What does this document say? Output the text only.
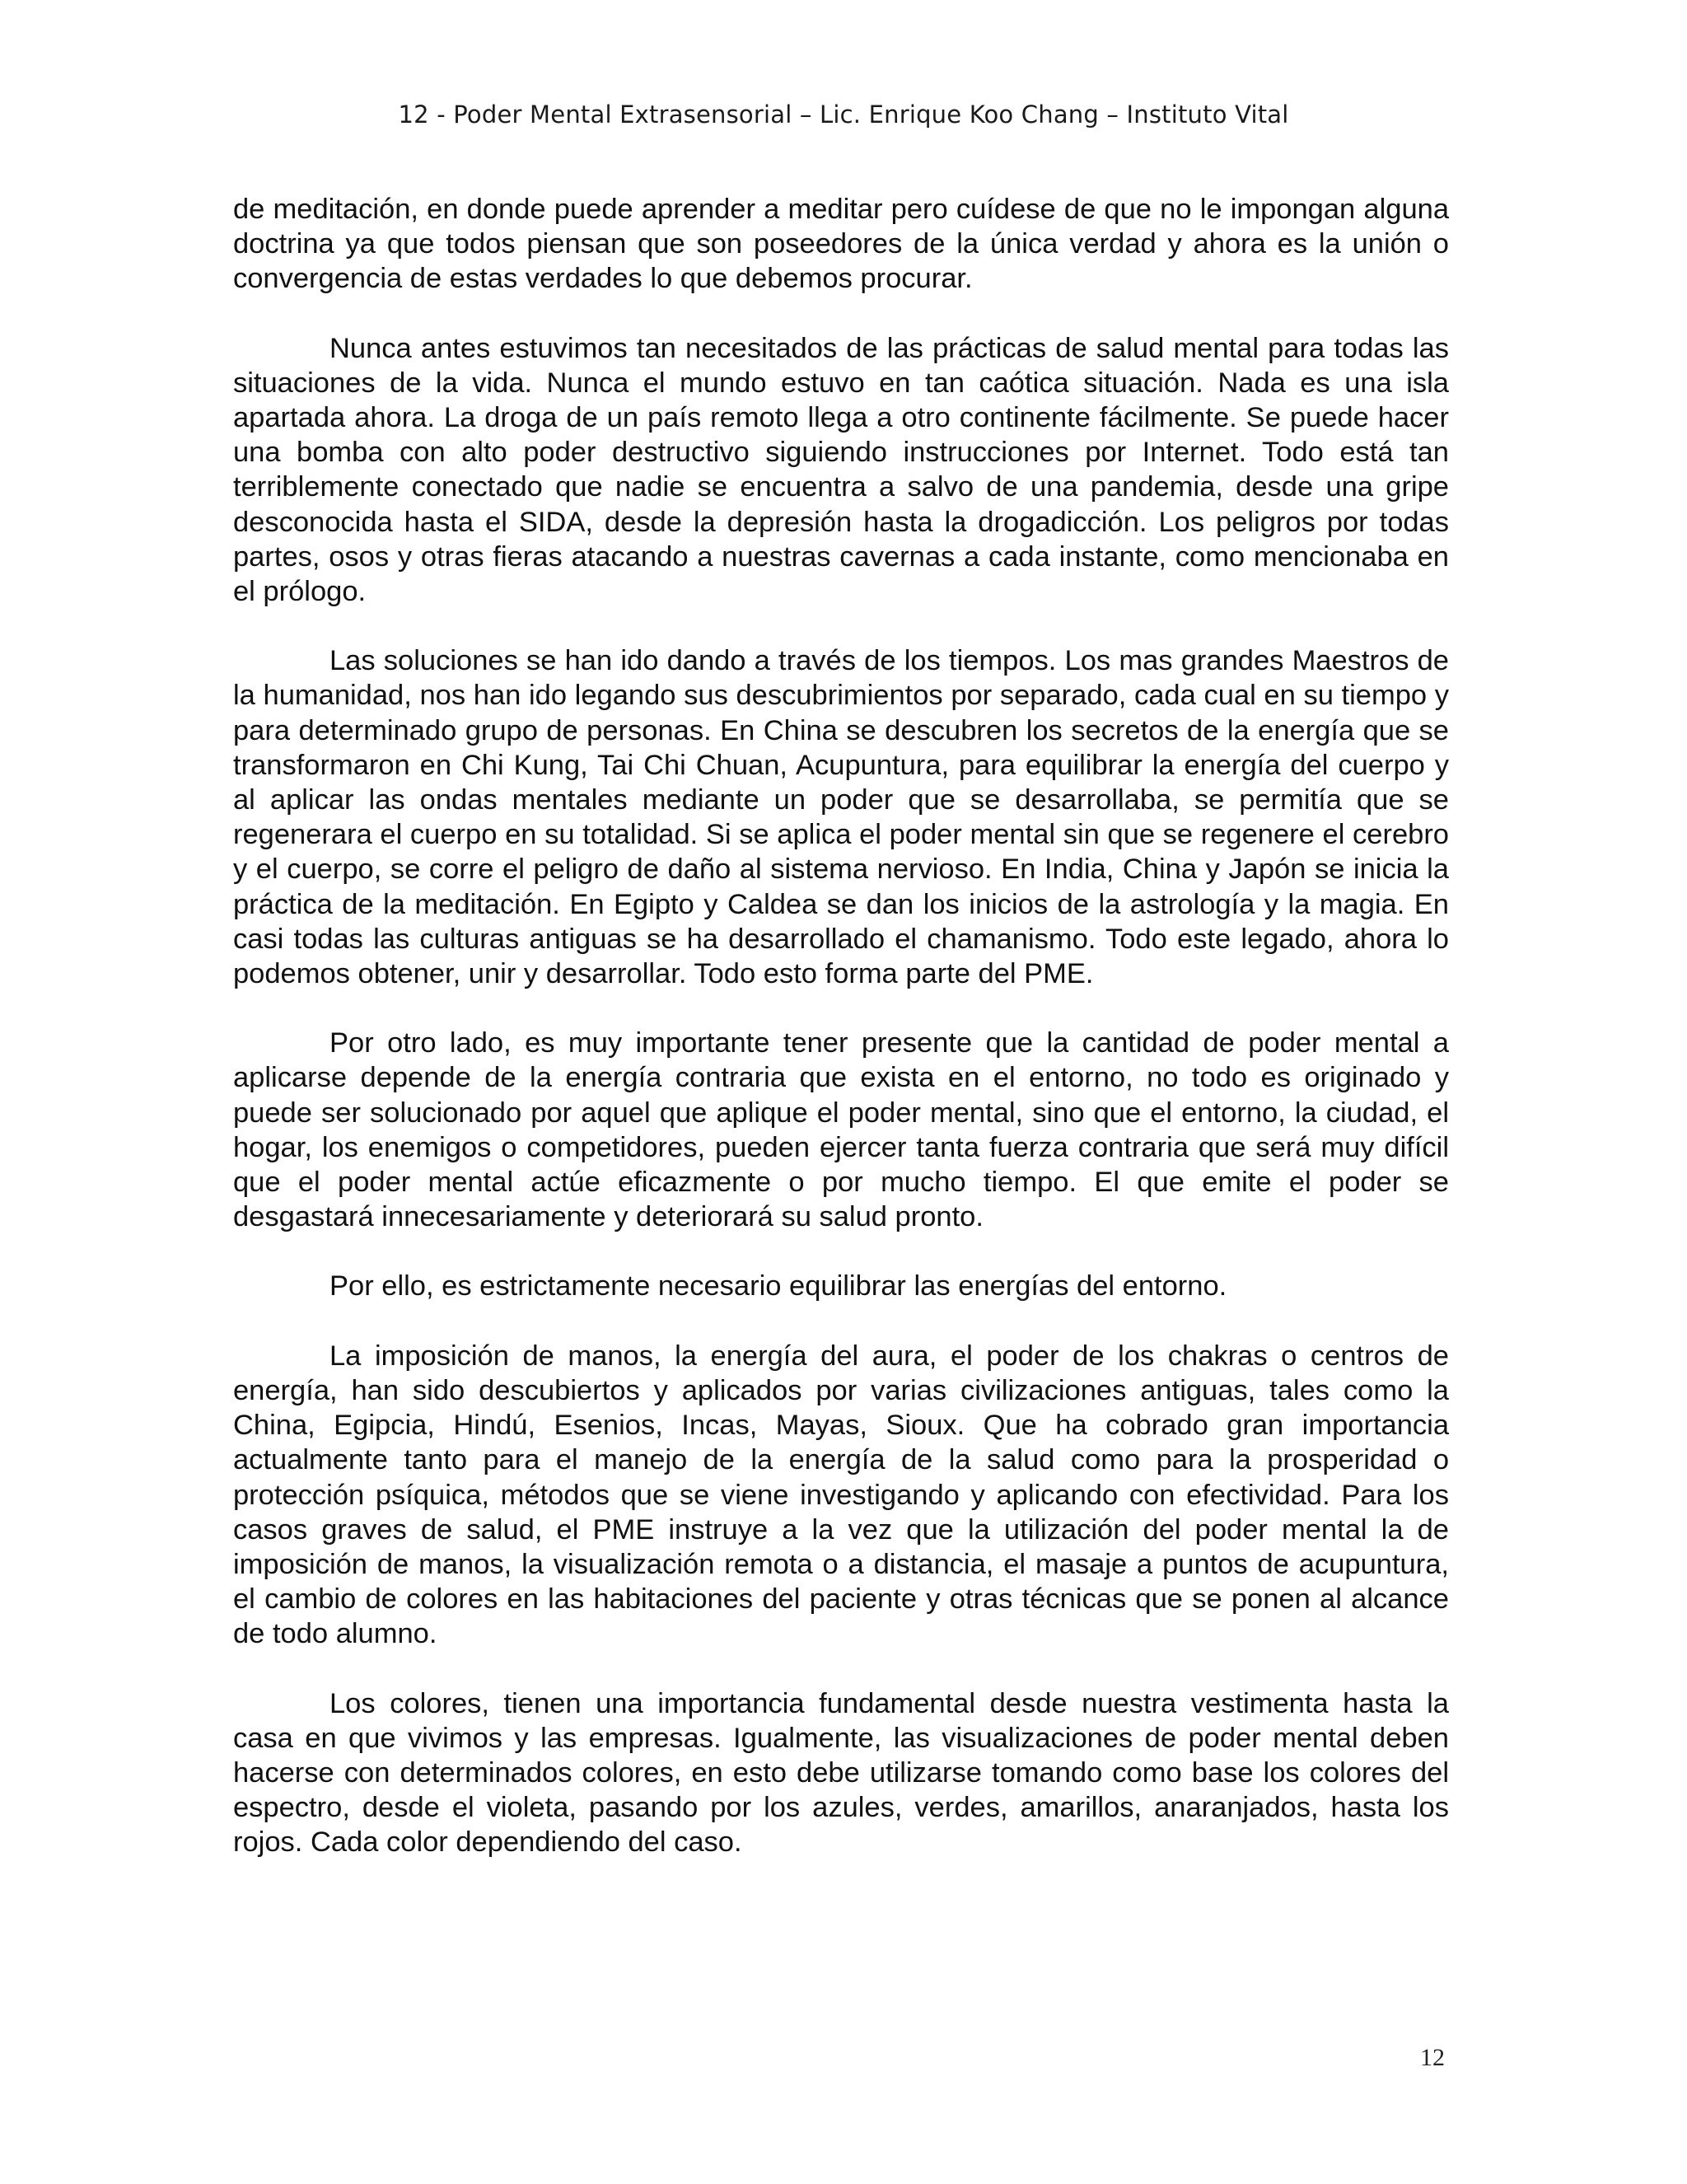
12 - Poder Mental Extrasensorial – Lic. Enrique Koo Chang – Instituto Vital

de meditación, en donde puede aprender a meditar pero cuídese de que no le impongan alguna doctrina ya que todos piensan que son poseedores de la única verdad y ahora es la unión o convergencia de estas verdades lo que debemos procurar.

Nunca antes estuvimos tan necesitados de las prácticas de salud mental para todas las situaciones de la vida. Nunca el mundo estuvo en tan caótica situación. Nada es una isla apartada ahora. La droga de un país remoto llega a otro continente fácilmente. Se puede hacer una bomba con alto poder destructivo siguiendo instrucciones por Internet. Todo está tan terriblemente conectado que nadie se encuentra a salvo de una pandemia, desde una gripe desconocida hasta el SIDA, desde la depresión hasta la drogadicción. Los peligros por todas partes, osos y otras fieras atacando a nuestras cavernas a cada instante, como mencionaba en el prólogo.

Las soluciones se han ido dando a través de los tiempos. Los mas grandes Maestros de la humanidad, nos han ido legando sus descubrimientos por separado, cada cual en su tiempo y para determinado grupo de personas. En China se descubren los secretos de la energía que se transformaron en Chi Kung, Tai Chi Chuan, Acupuntura, para equilibrar la energía del cuerpo y al aplicar las ondas mentales mediante un poder que se desarrollaba, se permitía que se regenerara el cuerpo en su totalidad. Si se aplica el poder mental sin que se regenere el cerebro y el cuerpo, se corre el peligro de daño al sistema nervioso. En India, China y Japón se inicia la práctica de la meditación. En Egipto y Caldea se dan los inicios de la astrología y la magia. En casi todas las culturas antiguas se ha desarrollado el chamanismo. Todo este legado, ahora lo podemos obtener, unir y desarrollar. Todo esto forma parte del PME.

Por otro lado, es muy importante tener presente que la cantidad de poder mental a aplicarse depende de la energía contraria que exista en el entorno, no todo es originado y puede ser solucionado por aquel que aplique el poder mental, sino que el entorno, la ciudad, el hogar, los enemigos o competidores, pueden ejercer tanta fuerza contraria que será muy difícil que el poder mental actúe eficazmente o por mucho tiempo. El que emite el poder se desgastará innecesariamente y deteriorará su salud pronto.

Por ello, es estrictamente necesario equilibrar las energías del entorno.

La imposición de manos, la energía del aura, el poder de los chakras o centros de energía, han sido descubiertos y aplicados por varias civilizaciones antiguas, tales como la China, Egipcia, Hindú, Esenios, Incas, Mayas, Sioux. Que ha cobrado gran importancia actualmente tanto para el manejo de la energía de la salud como para la prosperidad o protección psíquica, métodos que se viene investigando y aplicando con efectividad. Para los casos graves de salud, el PME instruye a la vez que la utilización del poder mental la de imposición de manos, la visualización remota o a distancia, el masaje a puntos de acupuntura, el cambio de colores en las habitaciones del paciente y otras técnicas que se ponen al alcance de todo alumno.

Los colores, tienen una importancia fundamental desde nuestra vestimenta hasta la casa en que vivimos y las empresas. Igualmente, las visualizaciones de poder mental deben hacerse con determinados colores, en esto debe utilizarse tomando como base los colores del espectro, desde el violeta, pasando por los azules, verdes, amarillos, anaranjados, hasta los rojos. Cada color dependiendo del caso.

12
